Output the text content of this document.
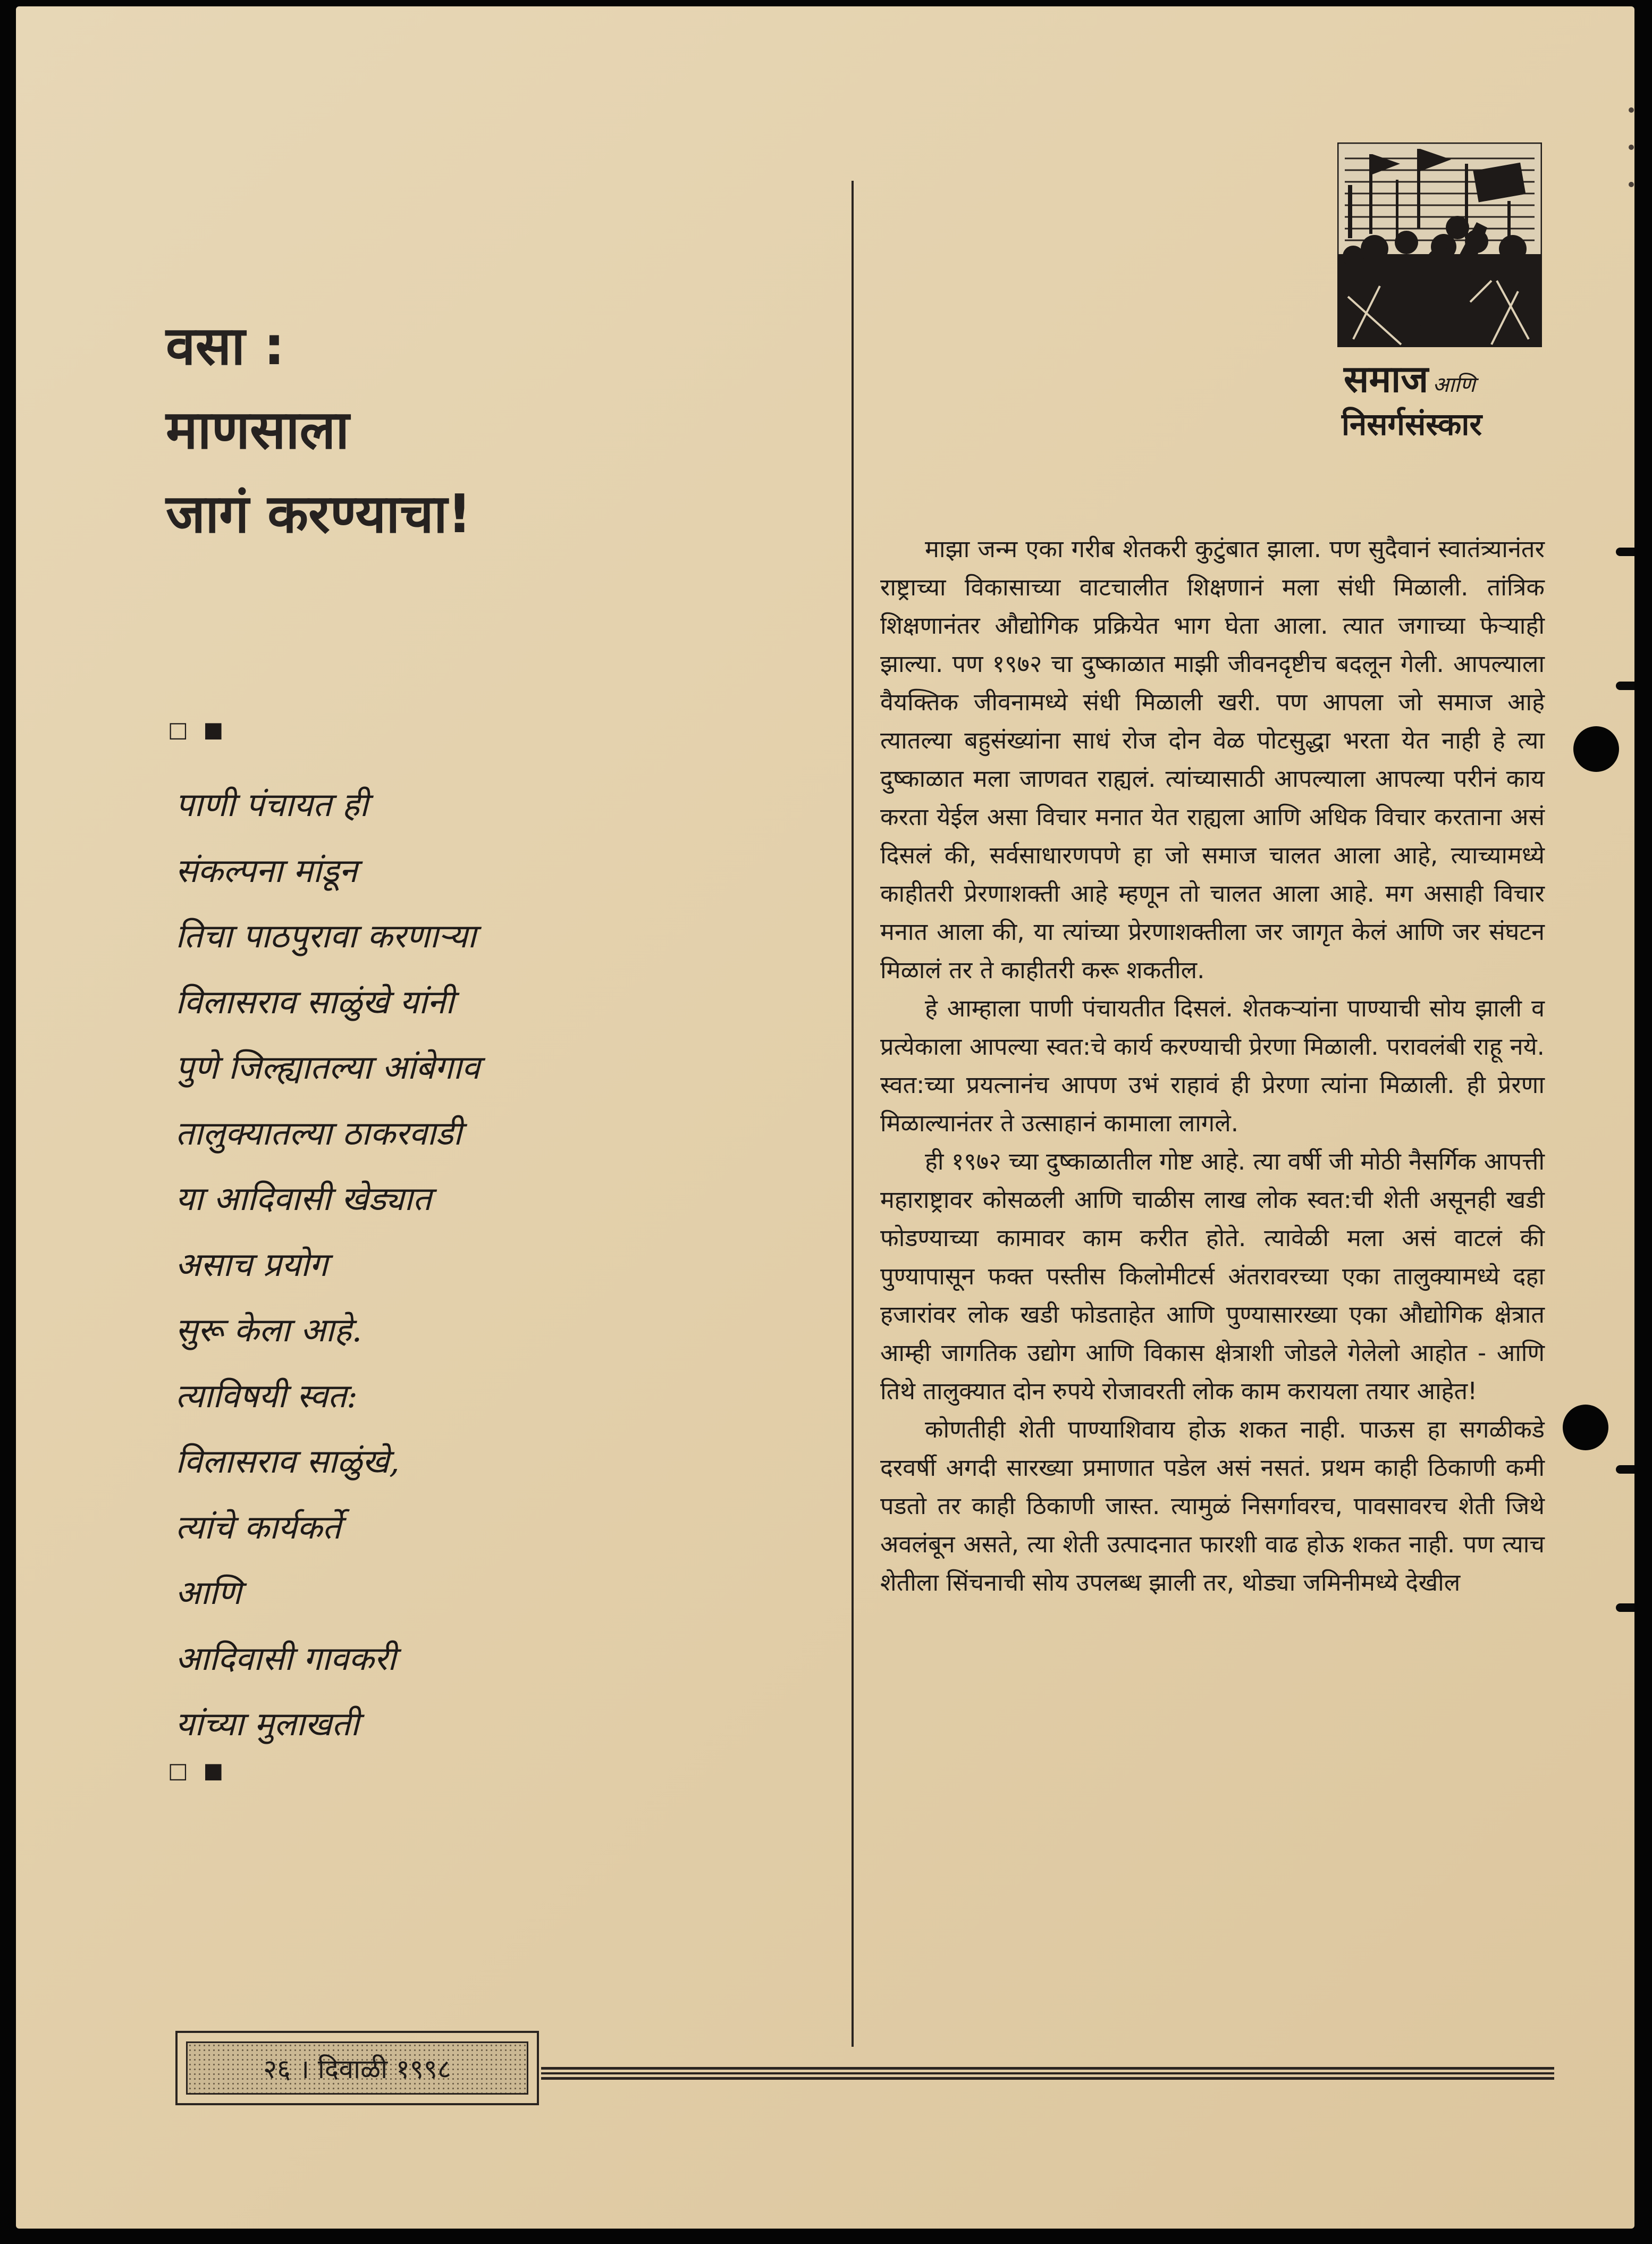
वसा :
माणसाला
जागं करण्याचा!
□ ■
पाणी पंचायत ही
संकल्पना मांडून
तिचा पाठपुरावा करणाऱ्या
विलासराव साळुंखे यांनी
पुणे जिल्ह्यातल्या आंबेगाव
तालुक्यातल्या ठाकरवाडी
या आदिवासी खेड्यात
असाच प्रयोग
सुरू केला आहे.
त्याविषयी स्वत:
विलासराव साळुंखे,
त्यांचे कार्यकर्ते
आणि
आदिवासी गावकरी
यांच्या मुलाखती
□ ■
समाज आणि
निसर्गसंस्कार

माझा जन्म एका गरीब शेतकरी कुटुंबात झाला. पण सुदैवानं स्वातंत्र्यानंतर राष्ट्राच्या विकासाच्या वाटचालीत शिक्षणानं मला संधी मिळाली. तांत्रिक शिक्षणानंतर औद्योगिक प्रक्रियेत भाग घेता आला. त्यात जगाच्या फेऱ्याही झाल्या. पण १९७२ चा दुष्काळात माझी जीवनदृष्टीच बदलून गेली. आपल्याला वैयक्तिक जीवनामध्ये संधी मिळाली खरी. पण आपला जो समाज आहे त्यातल्या बहुसंख्यांना साधं रोज दोन वेळ पोटसुद्धा भरता येत नाही हे त्या दुष्काळात मला जाणवत राह्यलं. त्यांच्यासाठी आपल्याला आपल्या परीनं काय करता येईल असा विचार मनात येत राह्यला आणि अधिक विचार करताना असं दिसलं की, सर्वसाधारणपणे हा जो समाज चालत आला आहे, त्याच्यामध्ये काहीतरी प्रेरणाशक्ती आहे म्हणून तो चालत आला आहे. मग असाही विचार मनात आला की, या त्यांच्या प्रेरणाशक्तीला जर जागृत केलं आणि जर संघटन मिळालं तर ते काहीतरी करू शकतील.

हे आम्हाला पाणी पंचायतीत दिसलं. शेतकऱ्यांना पाण्याची सोय झाली व प्रत्येकाला आपल्या स्वत:चे कार्य करण्याची प्रेरणा मिळाली. परावलंबी राहू नये. स्वत:च्या प्रयत्नानंच आपण उभं राहावं ही प्रेरणा त्यांना मिळाली. ही प्रेरणा मिळाल्यानंतर ते उत्साहानं कामाला लागले.

ही १९७२ च्या दुष्काळातील गोष्ट आहे. त्या वर्षी जी मोठी नैसर्गिक आपत्ती महाराष्ट्रावर कोसळली आणि चाळीस लाख लोक स्वत:ची शेती असूनही खडी फोडण्याच्या कामावर काम करीत होते. त्यावेळी मला असं वाटलं की पुण्यापासून फक्त पस्तीस किलोमीटर्स अंतरावरच्या एका तालुक्यामध्ये दहा हजारांवर लोक खडी फोडताहेत आणि पुण्यासारख्या एका औद्योगिक क्षेत्रात आम्ही जागतिक उद्योग आणि विकास क्षेत्राशी जोडले गेलेलो आहोत - आणि तिथे तालुक्यात दोन रुपये रोजावरती लोक काम करायला तयार आहेत!

कोणतीही शेती पाण्याशिवाय होऊ शकत नाही. पाऊस हा सगळीकडे दरवर्षी अगदी सारख्या प्रमाणात पडेल असं नसतं. प्रथम काही ठिकाणी कमी पडतो तर काही ठिकाणी जास्त. त्यामुळं निसर्गावरच, पावसावरच शेती जिथे अवलंबून असते, त्या शेती उत्पादनात फारशी वाढ होऊ शकत नाही. पण त्याच शेतीला सिंचनाची सोय उपलब्ध झाली तर, थोड्या जमिनीमध्ये देखील

२६ । दिवाळी १९९८
